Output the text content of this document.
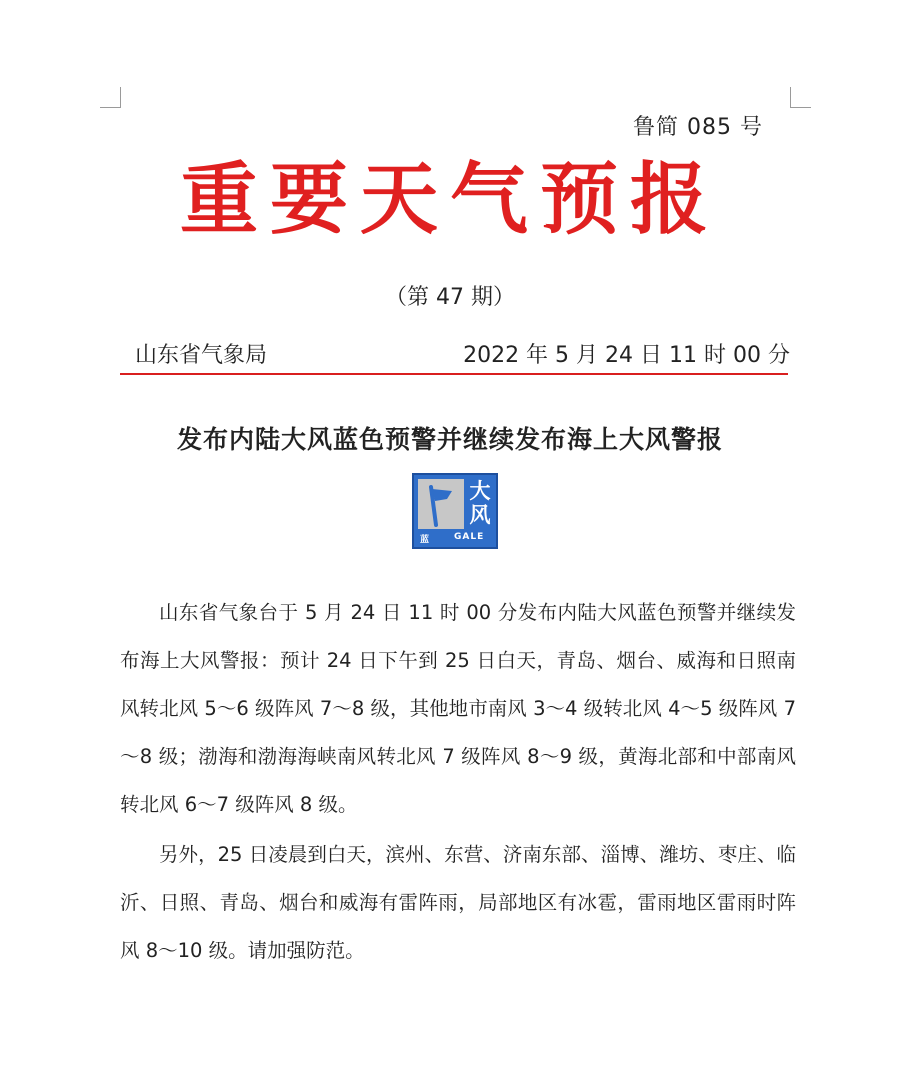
鲁简 085 号
重要天气预报
（第 47 期）
山东省气象局	2022 年 5 月 24 日 11 时 00 分
发布内陆大风蓝色预警并继续发布海上大风警报
大
风
蓝	GALE

山东省气象台于 5 月 24 日 11 时 00 分发布内陆大风蓝色预警并继续发布海上大风警报：预计 24 日下午到 25 日白天，青岛、烟台、威海和日照南风转北风 5～6 级阵风 7～8 级，其他地市南风 3～4 级转北风 4～5 级阵风 7～8 级；渤海和渤海海峡南风转北风 7 级阵风 8～9 级，黄海北部和中部南风转北风 6～7 级阵风 8 级。

另外，25 日凌晨到白天，滨州、东营、济南东部、淄博、潍坊、枣庄、临沂、日照、青岛、烟台和威海有雷阵雨，局部地区有冰雹，雷雨地区雷雨时阵风 8～10 级。请加强防范。
